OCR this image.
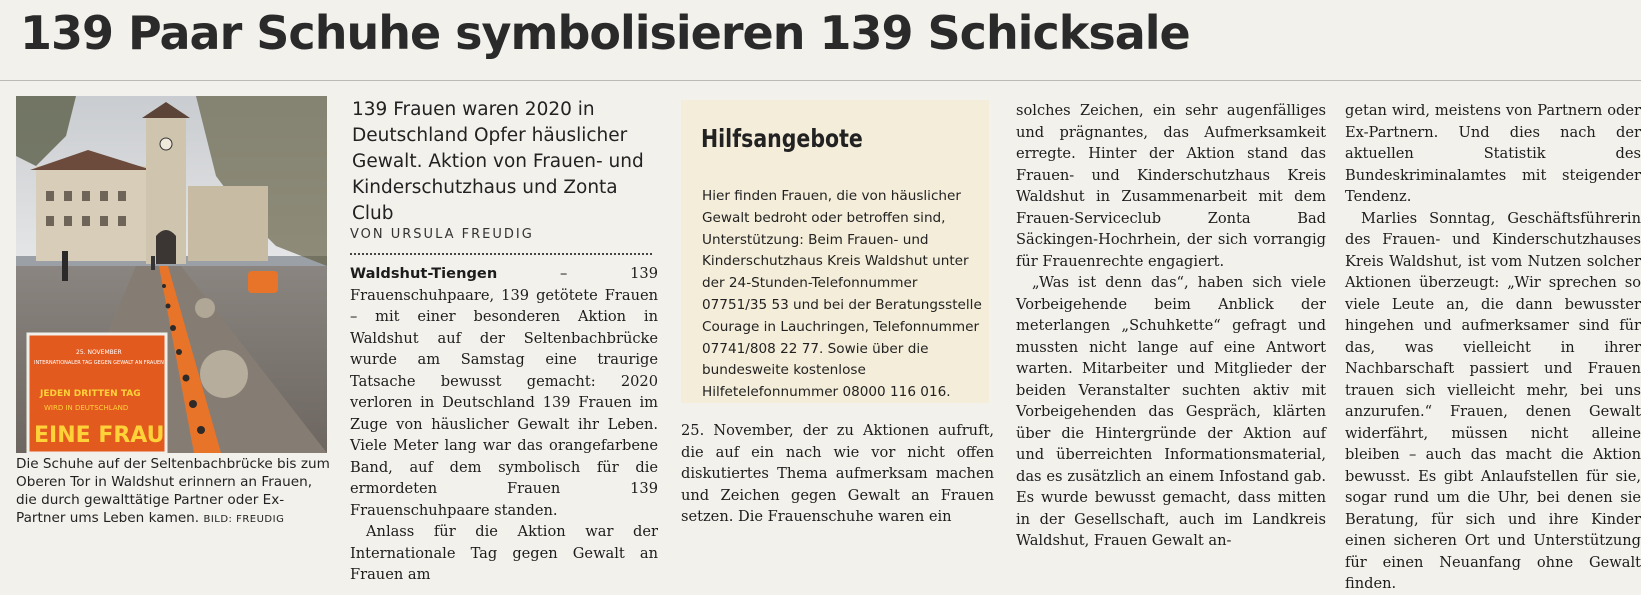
139 Paar Schuhe symbolisieren 139 Schicksale
25. NOVEMBER
INTERNATIONALER TAG GEGEN GEWALT AN FRAUEN
JEDEN DRITTEN TAG
WIRD IN DEUTSCHLAND
EINE FRAU
Die Schuhe auf der Seltenbachbrücke bis zum Oberen Tor in Waldshut erinnern an Frauen, die durch gewalttätige Partner oder Ex-Partner ums Leben kamen. BILD: FREUDIG
139 Frauen waren 2020 in Deutschland Opfer häuslicher Gewalt. Aktion von Frauen- und Kinderschutzhaus und Zonta Club
VON URSULA FREUDIG

Waldshut-Tiengen – 139 Frauenschuhpaare, 139 getötete Frauen – mit einer besonderen Aktion in Waldshut auf der Seltenbachbrücke wurde am Samstag eine traurige Tatsache bewusst gemacht: 2020 verloren in Deutschland 139 Frauen im Zuge von häuslicher Gewalt ihr Leben. Viele Meter lang war das orangefarbene Band, auf dem symbolisch für die ermordeten Frauen 139 Frauenschuhpaare standen.

Anlass für die Aktion war der Internationale Tag gegen Gewalt an Frauen am

Hilfsangebote
Hier finden Frauen, die von häuslicher Gewalt bedroht oder betroffen sind, Unterstützung: Beim Frauen- und Kinderschutzhaus Kreis Waldshut unter der 24-Stunden-Telefonnummer 07751/35 53 und bei der Beratungsstelle Courage in Lauchringen, Telefonnummer 07741/808 22 77. Sowie über die bundesweite kostenlose Hilfetelefonnummer 08000 116 016.

25. November, der zu Aktionen aufruft, die auf ein nach wie vor nicht offen diskutiertes Thema aufmerksam machen und Zeichen gegen Gewalt an Frauen setzen. Die Frauenschuhe waren ein

solches Zeichen, ein sehr augenfälliges und prägnantes, das Aufmerksamkeit erregte. Hinter der Aktion stand das Frauen- und Kinderschutzhaus Kreis Waldshut in Zusammenarbeit mit dem Frauen-Serviceclub Zonta Bad Säckingen-Hochrhein, der sich vorrangig für Frauenrechte engagiert.

„Was ist denn das“, haben sich viele Vorbeigehende beim Anblick der meterlangen „Schuhkette“ gefragt und mussten nicht lange auf eine Antwort warten. Mitarbeiter und Mitglieder der beiden Veranstalter suchten aktiv mit Vorbeigehenden das Gespräch, klärten über die Hintergründe der Aktion auf und überreichten Informationsmaterial, das es zusätzlich an einem Infostand gab. Es wurde bewusst gemacht, dass mitten in der Gesellschaft, auch im Landkreis Waldshut, Frauen Gewalt an-

getan wird, meistens von Partnern oder Ex-Partnern. Und dies nach der aktuellen Statistik des Bundeskriminalamtes mit steigender Tendenz.

Marlies Sonntag, Geschäftsführerin des Frauen- und Kinderschutzhauses Kreis Waldshut, ist vom Nutzen solcher Aktionen überzeugt: „Wir sprechen so viele Leute an, die dann bewusster hingehen und aufmerksamer sind für das, was vielleicht in ihrer Nachbarschaft passiert und Frauen trauen sich vielleicht mehr, bei uns anzurufen.“ Frauen, denen Gewalt widerfährt, müssen nicht alleine bleiben – auch das macht die Aktion bewusst. Es gibt Anlaufstellen für sie, sogar rund um die Uhr, bei denen sie Beratung, für sich und ihre Kinder einen sicheren Ort und Unterstützung für einen Neuanfang ohne Gewalt finden.
